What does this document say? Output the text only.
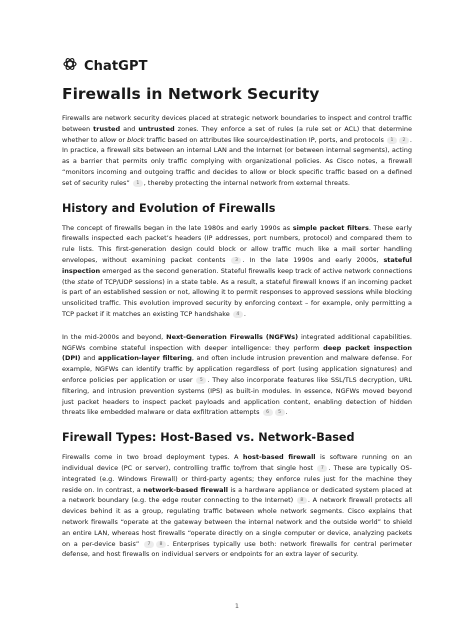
ChatGPT
Firewalls in Network Security

Firewalls are network security devices placed at strategic network boundaries to inspect and control traffic between trusted and untrusted zones. They enforce a set of rules (a rule set or ACL) that determine whether to allow or block traffic based on attributes like source/destination IP, ports, and protocols 1 2 . In practice, a firewall sits between an internal LAN and the Internet (or between internal segments), acting as a barrier that permits only traffic complying with organizational policies. As Cisco notes, a firewall “monitors incoming and outgoing traffic and decides to allow or block specific traffic based on a defined set of security rules” 1 , thereby protecting the internal network from external threats.

History and Evolution of Firewalls

The concept of firewalls began in the late 1980s and early 1990s as simple packet filters. These early firewalls inspected each packet’s headers (IP addresses, port numbers, protocol) and compared them to rule lists. This first-generation design could block or allow traffic much like a mail sorter handling envelopes, without examining packet contents 3 . In the late 1990s and early 2000s, stateful inspection emerged as the second generation. Stateful firewalls keep track of active network connections (the state of TCP/UDP sessions) in a state table. As a result, a stateful firewall knows if an incoming packet is part of an established session or not, allowing it to permit responses to approved sessions while blocking unsolicited traffic. This evolution improved security by enforcing context – for example, only permitting a TCP packet if it matches an existing TCP handshake 4 .

In the mid-2000s and beyond, Next-Generation Firewalls (NGFWs) integrated additional capabilities. NGFWs combine stateful inspection with deeper intelligence: they perform deep packet inspection (DPI) and application-layer filtering, and often include intrusion prevention and malware defense. For example, NGFWs can identify traffic by application regardless of port (using application signatures) and enforce policies per application or user 5 . They also incorporate features like SSL/TLS decryption, URL filtering, and intrusion prevention systems (IPS) as built-in modules. In essence, NGFWs moved beyond just packet headers to inspect packet payloads and application content, enabling detection of hidden threats like embedded malware or data exfiltration attempts 6 5 .

Firewall Types: Host-Based vs. Network-Based

Firewalls come in two broad deployment types. A host-based firewall is software running on an individual device (PC or server), controlling traffic to/from that single host 7 . These are typically OS-integrated (e.g. Windows Firewall) or third-party agents; they enforce rules just for the machine they reside on. In contrast, a network-based firewall is a hardware appliance or dedicated system placed at a network boundary (e.g. the edge router connecting to the Internet) 8 . A network firewall protects all devices behind it as a group, regulating traffic between whole network segments. Cisco explains that network firewalls “operate at the gateway between the internal network and the outside world” to shield an entire LAN, whereas host firewalls “operate directly on a single computer or device, analyzing packets on a per-device basis” 7 8 . Enterprises typically use both: network firewalls for central perimeter defense, and host firewalls on individual servers or endpoints for an extra layer of security.

1
